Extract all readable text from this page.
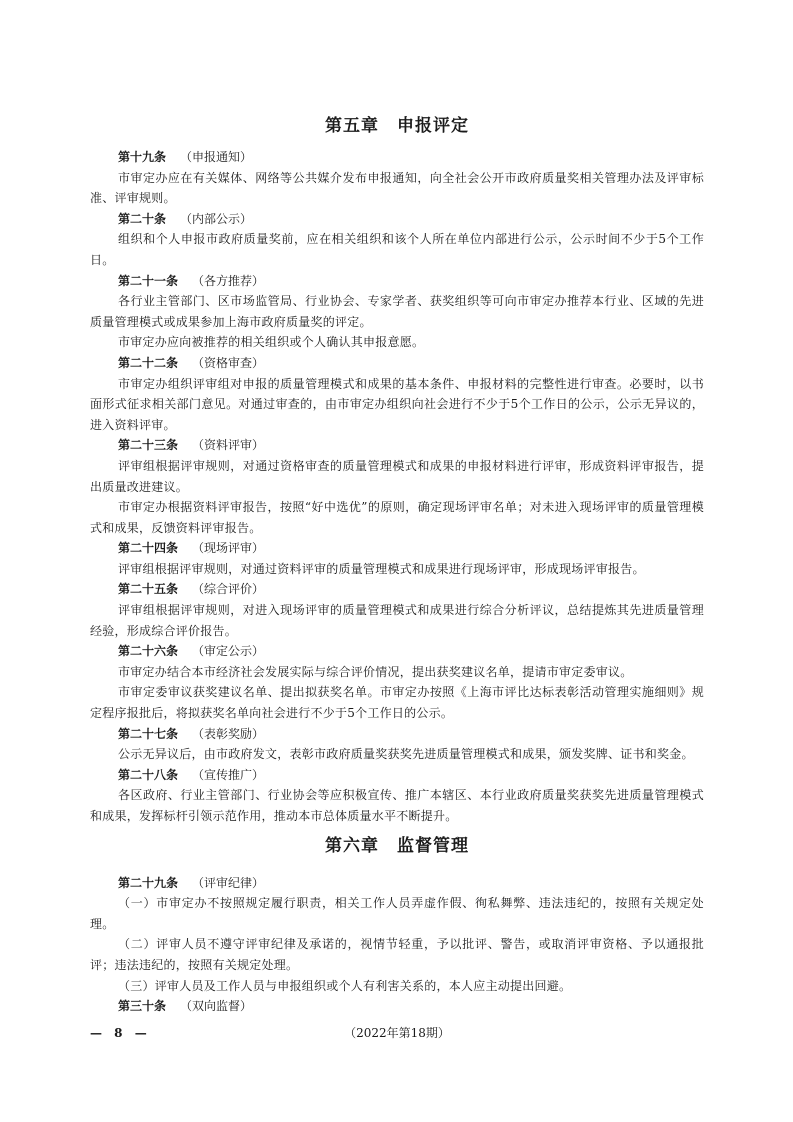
第五章 申报评定

第十九条 （申报通知）

市审定办应在有关媒体、网络等公共媒介发布申报通知，向全社会公开市政府质量奖相关管理办法及评审标准、评审规则。

第二十条 （内部公示）

组织和个人申报市政府质量奖前，应在相关组织和该个人所在单位内部进行公示，公示时间不少于5个工作日。

第二十一条 （各方推荐）

各行业主管部门、区市场监管局、行业协会、专家学者、获奖组织等可向市审定办推荐本行业、区域的先进质量管理模式或成果参加上海市政府质量奖的评定。

市审定办应向被推荐的相关组织或个人确认其申报意愿。

第二十二条 （资格审查）

市审定办组织评审组对申报的质量管理模式和成果的基本条件、申报材料的完整性进行审查。必要时，以书面形式征求相关部门意见。对通过审查的，由市审定办组织向社会进行不少于5个工作日的公示，公示无异议的，进入资料评审。

第二十三条 （资料评审）

评审组根据评审规则，对通过资格审查的质量管理模式和成果的申报材料进行评审，形成资料评审报告，提出质量改进建议。

市审定办根据资料评审报告，按照“好中选优”的原则，确定现场评审名单；对未进入现场评审的质量管理模式和成果，反馈资料评审报告。

第二十四条 （现场评审）

评审组根据评审规则，对通过资料评审的质量管理模式和成果进行现场评审，形成现场评审报告。

第二十五条 （综合评价）

评审组根据评审规则，对进入现场评审的质量管理模式和成果进行综合分析评议，总结提炼其先进质量管理经验，形成综合评价报告。

第二十六条 （审定公示）

市审定办结合本市经济社会发展实际与综合评价情况，提出获奖建议名单，提请市审定委审议。

市审定委审议获奖建议名单、提出拟获奖名单。市审定办按照《上海市评比达标表彰活动管理实施细则》规定程序报批后，将拟获奖名单向社会进行不少于5个工作日的公示。

第二十七条 （表彰奖励）

公示无异议后，由市政府发文，表彰市政府质量奖获奖先进质量管理模式和成果，颁发奖牌、证书和奖金。

第二十八条 （宣传推广）

各区政府、行业主管部门、行业协会等应积极宣传、推广本辖区、本行业政府质量奖获奖先进质量管理模式和成果，发挥标杆引领示范作用，推动本市总体质量水平不断提升。

第六章 监督管理

第二十九条 （评审纪律）

（一）市审定办不按照规定履行职责，相关工作人员弄虚作假、徇私舞弊、违法违纪的，按照有关规定处理。

（二）评审人员不遵守评审纪律及承诺的，视情节轻重，予以批评、警告，或取消评审资格、予以通报批评；违法违纪的，按照有关规定处理。

（三）评审人员及工作人员与申报组织或个人有利害关系的，本人应主动提出回避。

第三十条 （双向监督）

— 8 —	（2022年第18期）
